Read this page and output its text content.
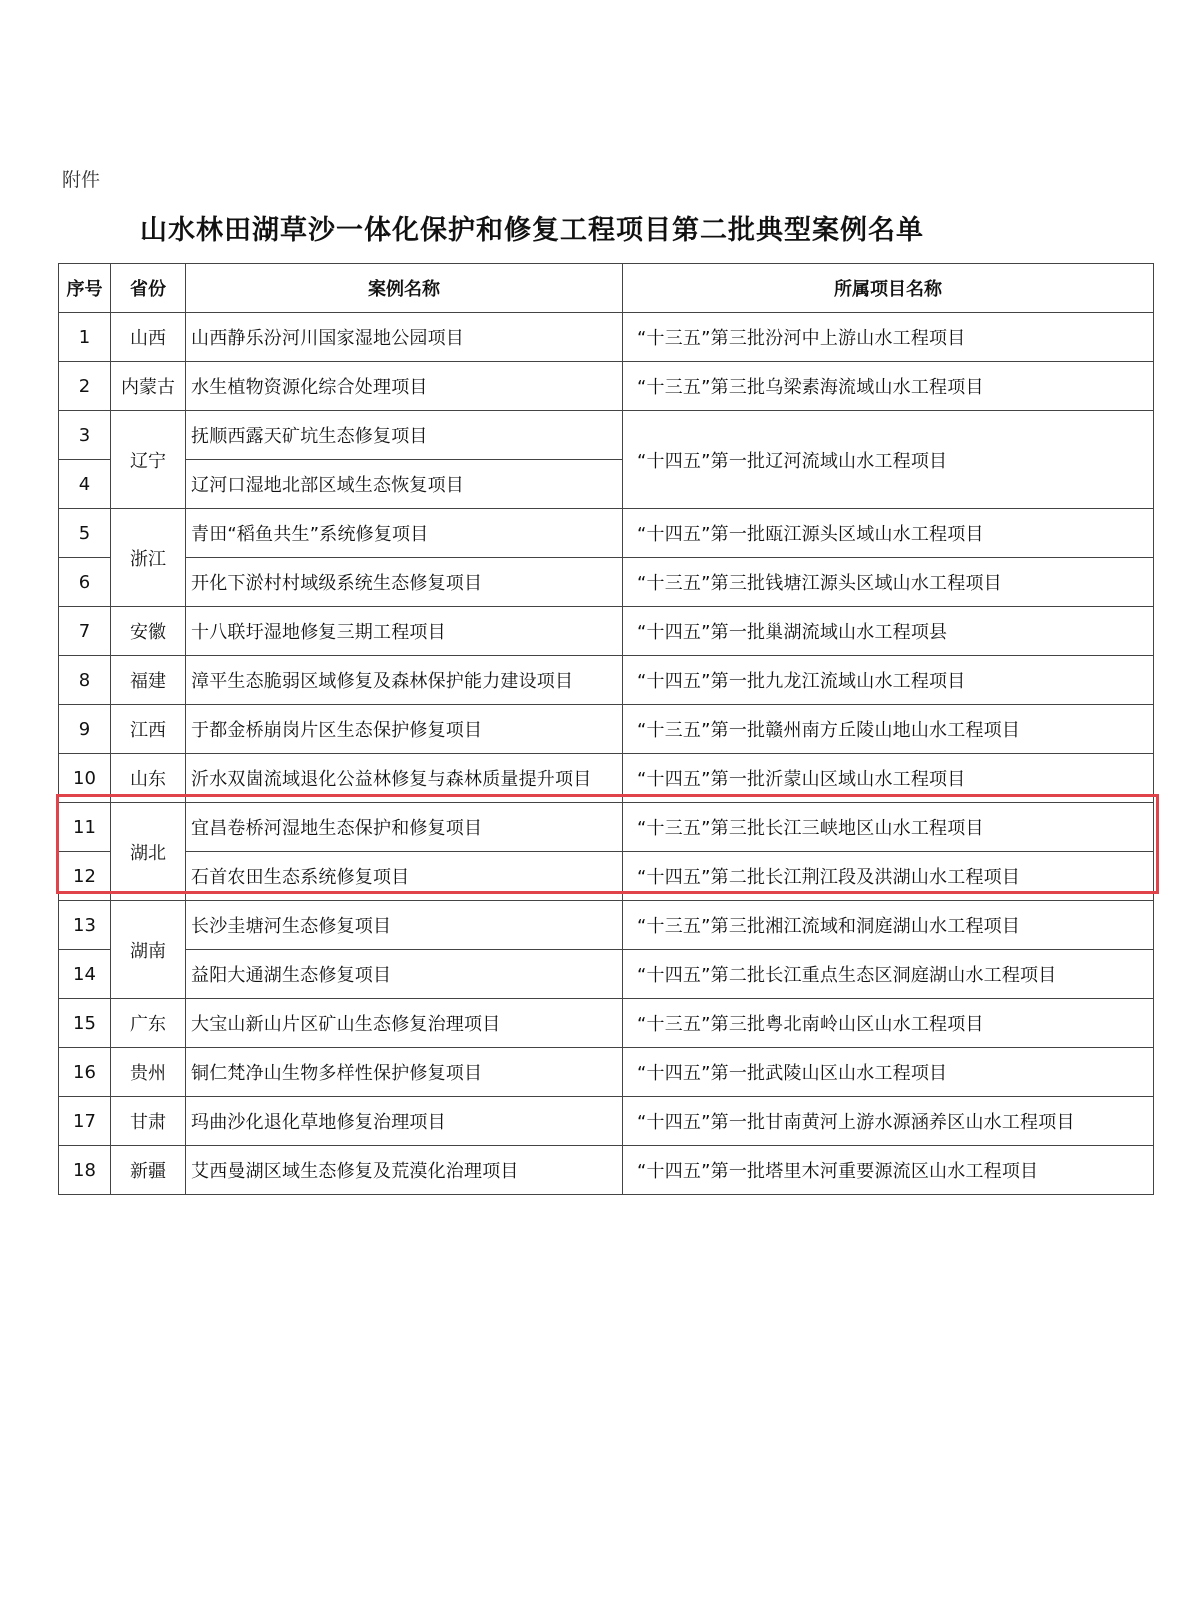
附件
山水林田湖草沙一体化保护和修复工程项目第二批典型案例名单
序号	省份	案例名称	所属项目名称
1	山西	山西静乐汾河川国家湿地公园项目	“十三五”第三批汾河中上游山水工程项目
2	内蒙古	水生植物资源化综合处理项目	“十三五”第三批乌梁素海流域山水工程项目
3	辽宁	抚顺西露天矿坑生态修复项目	“十四五”第一批辽河流域山水工程项目
4		辽河口湿地北部区域生态恢复项目	
5	浙江	青田“稻鱼共生”系统修复项目	“十四五”第一批瓯江源头区域山水工程项目
6		开化下淤村村域级系统生态修复项目	“十三五”第三批钱塘江源头区域山水工程项目
7	安徽	十八联圩湿地修复三期工程项目	“十四五”第一批巢湖流域山水工程项县
8	福建	漳平生态脆弱区域修复及森林保护能力建设项目	“十四五”第一批九龙江流域山水工程项目
9	江西	于都金桥崩岗片区生态保护修复项目	“十三五”第一批赣州南方丘陵山地山水工程项目
10	山东	沂水双崮流域退化公益林修复与森林质量提升项目	“十四五”第一批沂蒙山区域山水工程项目
11	湖北	宜昌卷桥河湿地生态保护和修复项目	“十三五”第三批长江三峡地区山水工程项目
12		石首农田生态系统修复项目	“十四五”第二批长江荆江段及洪湖山水工程项目
13	湖南	长沙圭塘河生态修复项目	“十三五”第三批湘江流域和洞庭湖山水工程项目
14		益阳大通湖生态修复项目	“十四五”第二批长江重点生态区洞庭湖山水工程项目
15	广东	大宝山新山片区矿山生态修复治理项目	“十三五”第三批粤北南岭山区山水工程项目
16	贵州	铜仁梵净山生物多样性保护修复项目	“十四五”第一批武陵山区山水工程项目
17	甘肃	玛曲沙化退化草地修复治理项目	“十四五”第一批甘南黄河上游水源涵养区山水工程项目
18	新疆	艾西曼湖区域生态修复及荒漠化治理项目	“十四五”第一批塔里木河重要源流区山水工程项目
